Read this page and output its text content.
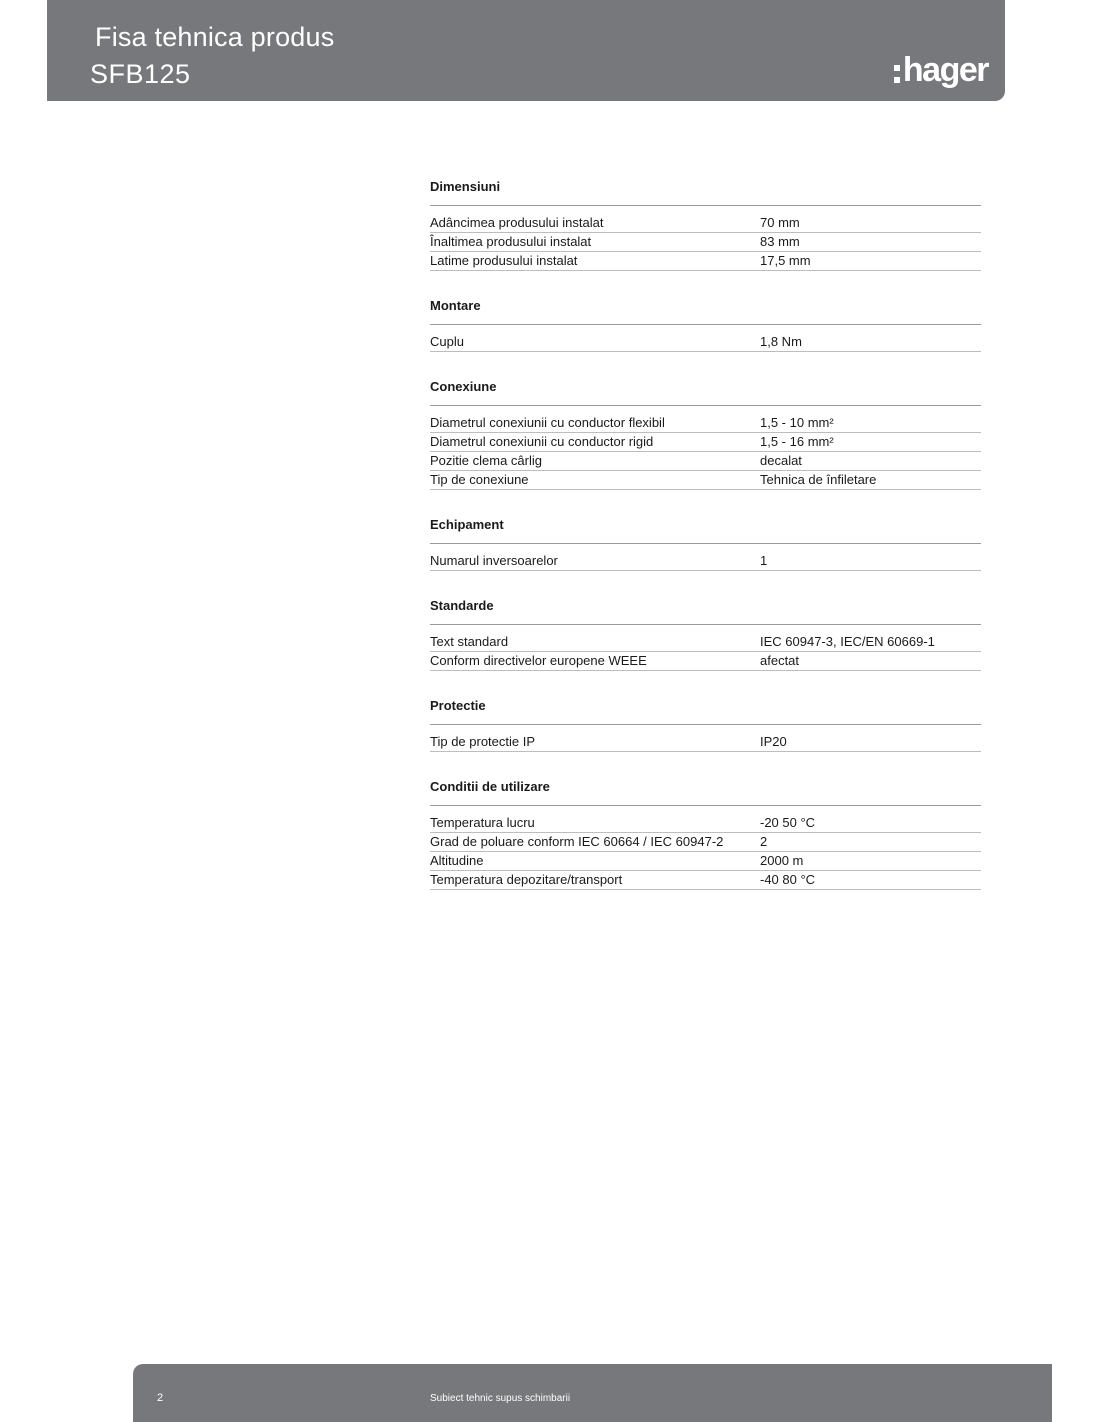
Fisa tehnica produs
SFB125	hager
Dimensiuni
Adâncimea produsului instalat	70 mm
Înaltimea produsului instalat	83 mm
Latime produsului instalat	17,5 mm
Montare
Cuplu	1,8 Nm
Conexiune
Diametrul conexiunii cu conductor flexibil	1,5 - 10 mm²
Diametrul conexiunii cu conductor rigid	1,5 - 16 mm²
Pozitie clema cârlig	decalat
Tip de conexiune	Tehnica de înfiletare
Echipament
Numarul inversoarelor	1
Standarde
Text standard	IEC 60947-3, IEC/EN 60669-1
Conform directivelor europene WEEE	afectat
Protectie
Tip de protectie IP	IP20
Conditii de utilizare
Temperatura lucru	-20 50 °C
Grad de poluare conform IEC 60664 / IEC 60947-2	2
Altitudine	2000 m
Temperatura depozitare/transport	-40 80 °C
2	Subiect tehnic supus schimbarii
